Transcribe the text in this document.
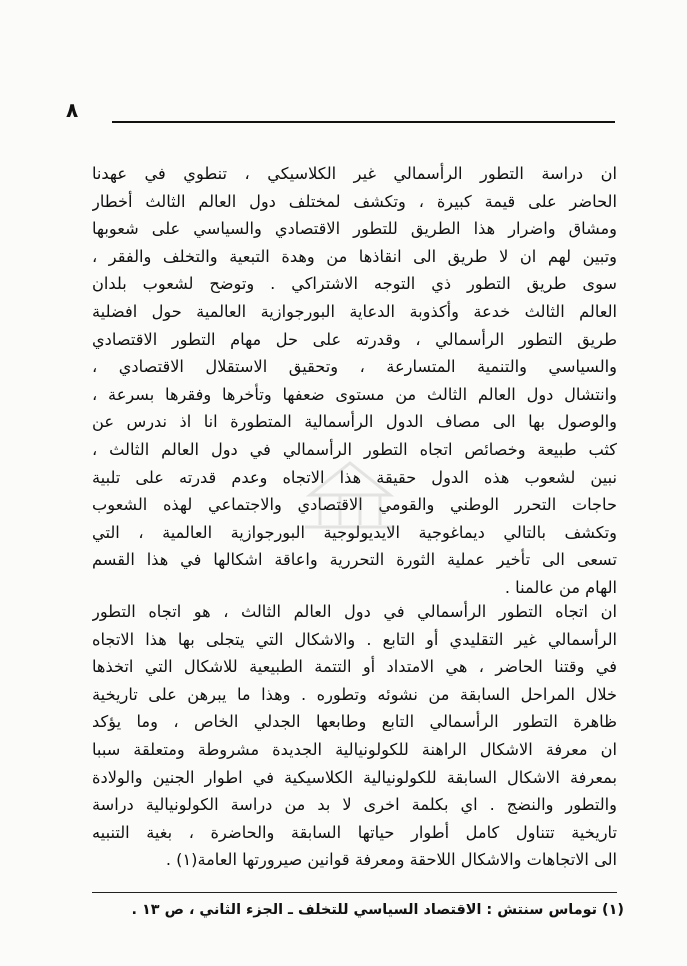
٨
ان دراسة التطور الرأسمالي غير الكلاسيكي ، تنطوي في عهدنا
الحاضر على قيمة كبيرة ، وتكشف لمختلف دول العالم الثالث أخطار
ومشاق واضرار هذا الطريق للتطور الاقتصادي والسياسي على شعوبها
وتبين لهم ان لا طريق الى انقاذها من وهدة التبعية والتخلف والفقر ،
سوى طريق التطور ذي التوجه الاشتراكي . وتوضح لشعوب بلدان
العالم الثالث خدعة وأكذوبة الدعاية البورجوازية العالمية حول افضلية
طريق التطور الرأسمالي ، وقدرته على حل مهام التطور الاقتصادي
والسياسي والتنمية المتسارعة ، وتحقيق الاستقلال الاقتصادي ،
وانتشال دول العالم الثالث من مستوى ضعفها وتأخرها وفقرها بسرعة ،
والوصول بها الى مصاف الدول الرأسمالية المتطورة انا اذ ندرس عن
كثب طبيعة وخصائص اتجاه التطور الرأسمالي في دول العالم الثالث ،
نبين لشعوب هذه الدول حقيقة هذا الاتجاه وعدم قدرته على تلبية
حاجات التحرر الوطني والقومي الاقتصادي والاجتماعي لهذه الشعوب
وتكشف بالتالي ديماغوجية الايديولوجية البورجوازية العالمية ، التي
تسعى الى تأخير عملية الثورة التحررية واعاقة اشكالها في هذا القسم
الهام من عالمنا .
ان اتجاه التطور الرأسمالي في دول العالم الثالث ، هو اتجاه التطور
الرأسمالي غير التقليدي أو التابع . والاشكال التي يتجلى بها هذا الاتجاه
في وقتنا الحاضر ، هي الامتداد أو التتمة الطبيعية للاشكال التي اتخذها
خلال المراحل السابقة من نشوئه وتطوره . وهذا ما يبرهن على تاريخية
ظاهرة التطور الرأسمالي التابع وطابعها الجدلي الخاص ، وما يؤكد
ان معرفة الاشكال الراهنة للكولونيالية الجديدة مشروطة ومتعلقة سببا
بمعرفة الاشكال السابقة للكولونيالية الكلاسيكية في اطوار الجنين والولادة
والتطور والنضج . اي بكلمة اخرى لا بد من دراسة الكولونيالية دراسة
تاريخية تتناول كامل أطوار حياتها السابقة والحاضرة ، بغية التنبيه
الى الاتجاهات والاشكال اللاحقة ومعرفة قوانين صيرورتها العامة(١) .
(١) توماس سنتش : الاقتصاد السياسي للتخلف ـ الجزء الثاني ، ص ١٣ .
